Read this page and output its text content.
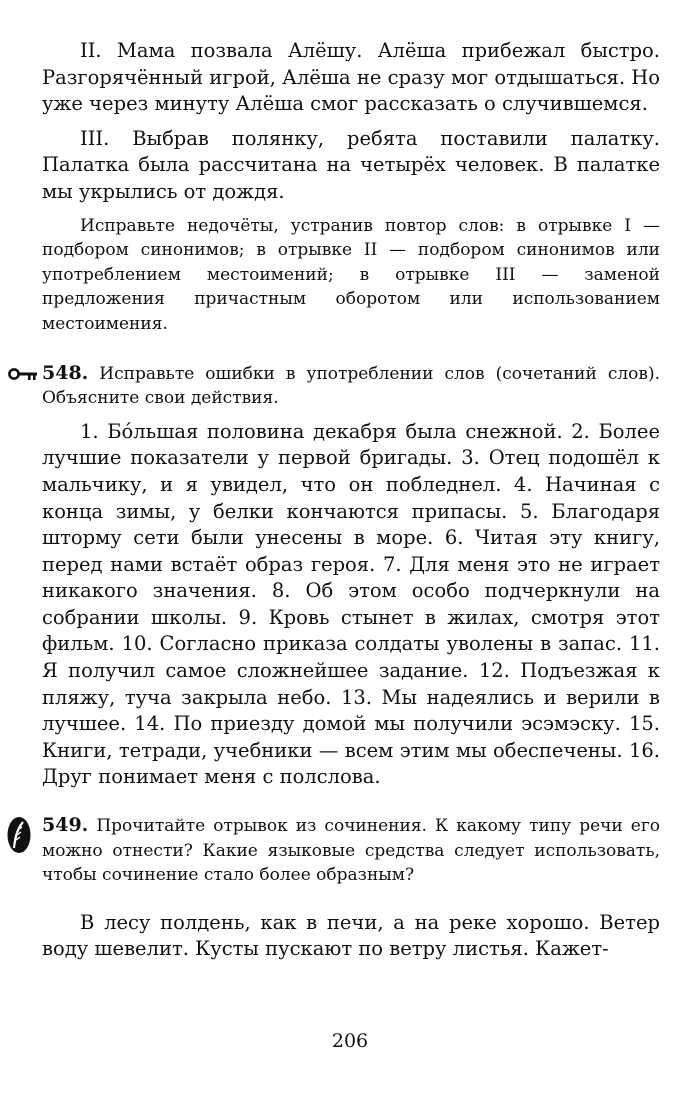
II. Мама позвала Алёшу. Алёша прибежал быстро. Разгорячённый игрой, Алёша не сразу мог отдышаться. Но уже через минуту Алёша смог рассказать о случившемся.

III. Выбрав полянку, ребята поставили палатку. Палатка была рассчитана на четырёх человек. В палатке мы укрылись от дождя.

Исправьте недочёты, устранив повтор слов: в отрывке I — подбором синонимов; в отрывке II — подбором синонимов или употреблением местоимений; в отрывке III — заменой предложения причастным оборотом или использованием местоимения.

548. Исправьте ошибки в употреблении слов (сочетаний слов). Объясните свои действия.

1. Бóльшая половина декабря была снежной. 2. Более лучшие показатели у первой бригады. 3. Отец подошёл к мальчику, и я увидел, что он побледнел. 4. Начиная с конца зимы, у белки кончаются припасы. 5. Благодаря шторму сети были унесены в море. 6. Читая эту книгу, перед нами встаёт образ героя. 7. Для меня это не играет никакого значения. 8. Об этом особо подчеркнули на собрании школы. 9. Кровь стынет в жилах, смотря этот фильм. 10. Согласно приказа солдаты уволены в запас. 11. Я получил самое сложнейшее задание. 12. Подъезжая к пляжу, туча закрыла небо. 13. Мы надеялись и верили в лучшее. 14. По приезду домой мы получили эсэмэску. 15. Книги, тетради, учебники — всем этим мы обеспечены. 16. Друг понимает меня с полслова.

549. Прочитайте отрывок из сочинения. К какому типу речи его можно отнести? Какие языковые средства следует использовать, чтобы сочинение стало более образным?

В лесу полдень, как в печи, а на реке хорошо. Ветер воду шевелит. Кусты пускают по ветру листья. Кажет-

206
